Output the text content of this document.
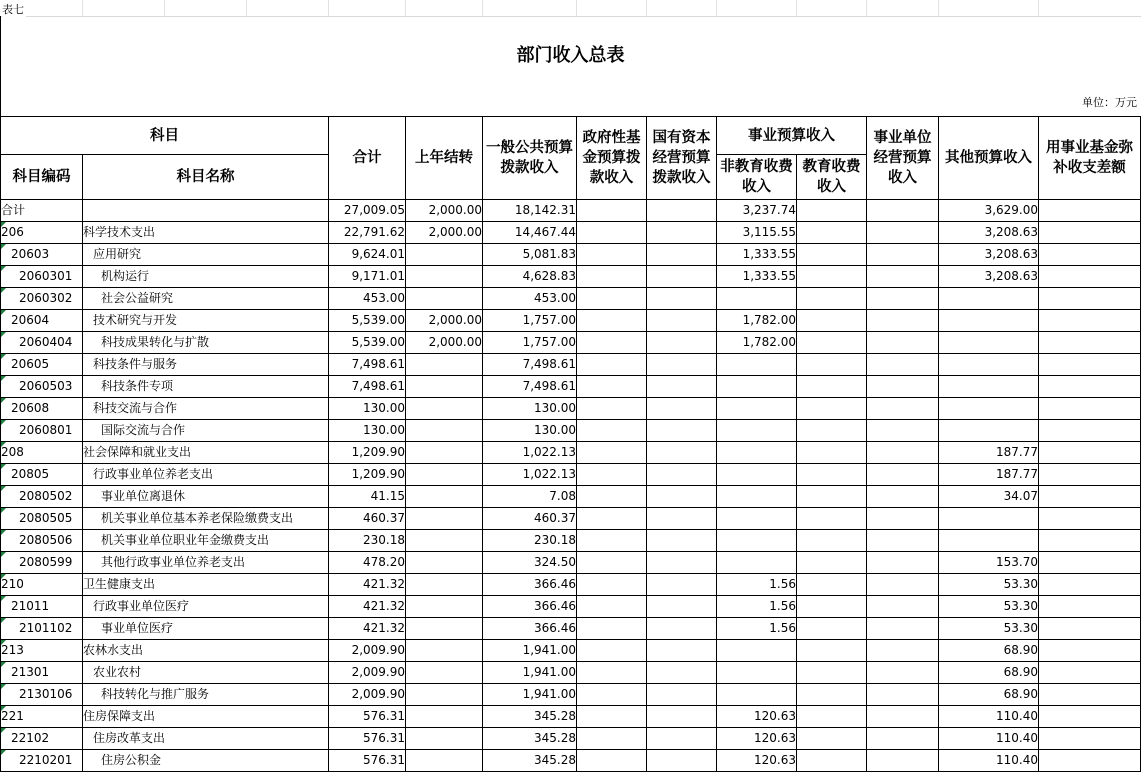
表七
部门收入总表
单位：万元
科目		合计	上年结转	一般公共预算拨款收入	政府性基金预算拨款收入	国有资本经营预算拨款收入	事业预算收入		事业单位经营预算收入	其他预算收入	用事业基金弥补收支差额
科目编码	科目名称						非教育收费收入	教育收费收入			
合计		27,009.05	2,000.00	18,142.31			3,237.74			3,629.00	
206	科学技术支出	22,791.62	2,000.00	14,467.44			3,115.55			3,208.63	
20603	应用研究	9,624.01		5,081.83			1,333.55			3,208.63	
2060301	机构运行	9,171.01		4,628.83			1,333.55			3,208.63	
2060302	社会公益研究	453.00		453.00							
20604	技术研究与开发	5,539.00	2,000.00	1,757.00			1,782.00				
2060404	科技成果转化与扩散	5,539.00	2,000.00	1,757.00			1,782.00				
20605	科技条件与服务	7,498.61		7,498.61							
2060503	科技条件专项	7,498.61		7,498.61							
20608	科技交流与合作	130.00		130.00							
2060801	国际交流与合作	130.00		130.00							
208	社会保障和就业支出	1,209.90		1,022.13						187.77	
20805	行政事业单位养老支出	1,209.90		1,022.13						187.77	
2080502	事业单位离退休	41.15		7.08						34.07	
2080505	机关事业单位基本养老保险缴费支出	460.37		460.37							
2080506	机关事业单位职业年金缴费支出	230.18		230.18							
2080599	其他行政事业单位养老支出	478.20		324.50						153.70	
210	卫生健康支出	421.32		366.46			1.56			53.30	
21011	行政事业单位医疗	421.32		366.46			1.56			53.30	
2101102	事业单位医疗	421.32		366.46			1.56			53.30	
213	农林水支出	2,009.90		1,941.00						68.90	
21301	农业农村	2,009.90		1,941.00						68.90	
2130106	科技转化与推广服务	2,009.90		1,941.00						68.90	
221	住房保障支出	576.31		345.28			120.63			110.40	
22102	住房改革支出	576.31		345.28			120.63			110.40	
2210201	住房公积金	576.31		345.28			120.63			110.40	
